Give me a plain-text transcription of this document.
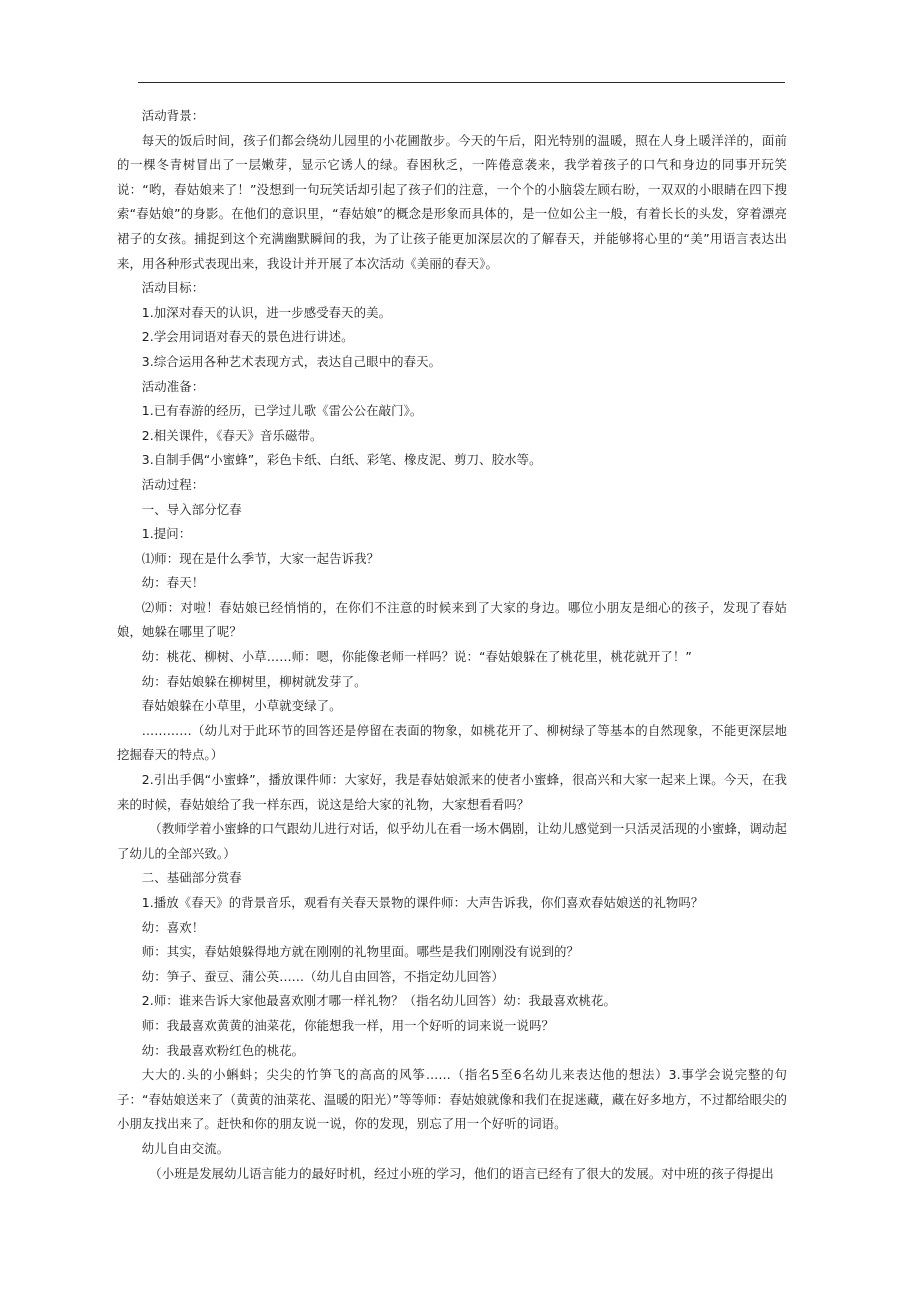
活动背景：

每天的饭后时间，孩子们都会绕幼儿园里的小花圃散步。今天的午后，阳光特别的温暖，照在人身上暖洋洋的，面前的一棵冬青树冒出了一层嫩芽，显示它诱人的绿。春困秋乏，一阵倦意袭来，我学着孩子的口气和身边的同事开玩笑说：“哟，春姑娘来了！”没想到一句玩笑话却引起了孩子们的注意，一个个的小脑袋左顾右盼，一双双的小眼睛在四下搜索“春姑娘”的身影。在他们的意识里，“春姑娘”的概念是形象而具体的，是一位如公主一般，有着长长的头发，穿着漂亮裙子的女孩。捕捉到这个充满幽默瞬间的我，为了让孩子能更加深层次的了解春天，并能够将心里的“美”用语言表达出来，用各种形式表现出来，我设计并开展了本次活动《美丽的春天》。

活动目标：

1.加深对春天的认识，进一步感受春天的美。

2.学会用词语对春天的景色进行讲述。

3.综合运用各种艺术表现方式，表达自己眼中的春天。

活动准备：

1.已有春游的经历，已学过儿歌《雷公公在敲门》。

2.相关课件，《春天》音乐磁带。

3.自制手偶“小蜜蜂”，彩色卡纸、白纸、彩笔、橡皮泥、剪刀、胶水等。

活动过程：

一、导入部分忆春

1.提问：

⑴师：现在是什么季节，大家一起告诉我？

幼：春天！

⑵师：对啦！春姑娘已经悄悄的，在你们不注意的时候来到了大家的身边。哪位小朋友是细心的孩子，发现了春姑娘，她躲在哪里了呢？

幼：桃花、柳树、小草……师：嗯，你能像老师一样吗？说：“春姑娘躲在了桃花里，桃花就开了！”

幼：春姑娘躲在柳树里，柳树就发芽了。

春姑娘躲在小草里，小草就变绿了。

…………（幼儿对于此环节的回答还是停留在表面的物象，如桃花开了、柳树绿了等基本的自然现象，不能更深层地挖掘春天的特点。）

2.引出手偶“小蜜蜂”，播放课件师：大家好，我是春姑娘派来的使者小蜜蜂，很高兴和大家一起来上课。今天，在我来的时候，春姑娘给了我一样东西，说这是给大家的礼物，大家想看看吗？

（教师学着小蜜蜂的口气跟幼儿进行对话，似乎幼儿在看一场木偶剧，让幼儿感觉到一只活灵活现的小蜜蜂，调动起了幼儿的全部兴致。）

二、基础部分赏春

1.播放《春天》的背景音乐，观看有关春天景物的课件师：大声告诉我，你们喜欢春姑娘送的礼物吗？

幼：喜欢！

师：其实，春姑娘躲得地方就在刚刚的礼物里面。哪些是我们刚刚没有说到的？

幼：笋子、蚕豆、蒲公英……（幼儿自由回答，不指定幼儿回答）

2.师：谁来告诉大家他最喜欢刚才哪一样礼物？（指名幼儿回答）幼：我最喜欢桃花。

师：我最喜欢黄黄的油菜花，你能想我一样，用一个好听的词来说一说吗？

幼：我最喜欢粉红色的桃花。

大大的.头的小蝌蚪；尖尖的竹笋飞的高高的风筝……（指名5至6名幼儿来表达他的想法）3.事学会说完整的句子：“春姑娘送来了（黄黄的油菜花、温暖的阳光）”等等师：春姑娘就像和我们在捉迷藏，藏在好多地方，不过都给眼尖的小朋友找出来了。赶快和你的朋友说一说，你的发现，别忘了用一个好听的词语。

幼儿自由交流。

（小班是发展幼儿语言能力的最好时机，经过小班的学习，他们的语言已经有了很大的发展。对中班的孩子得提出
